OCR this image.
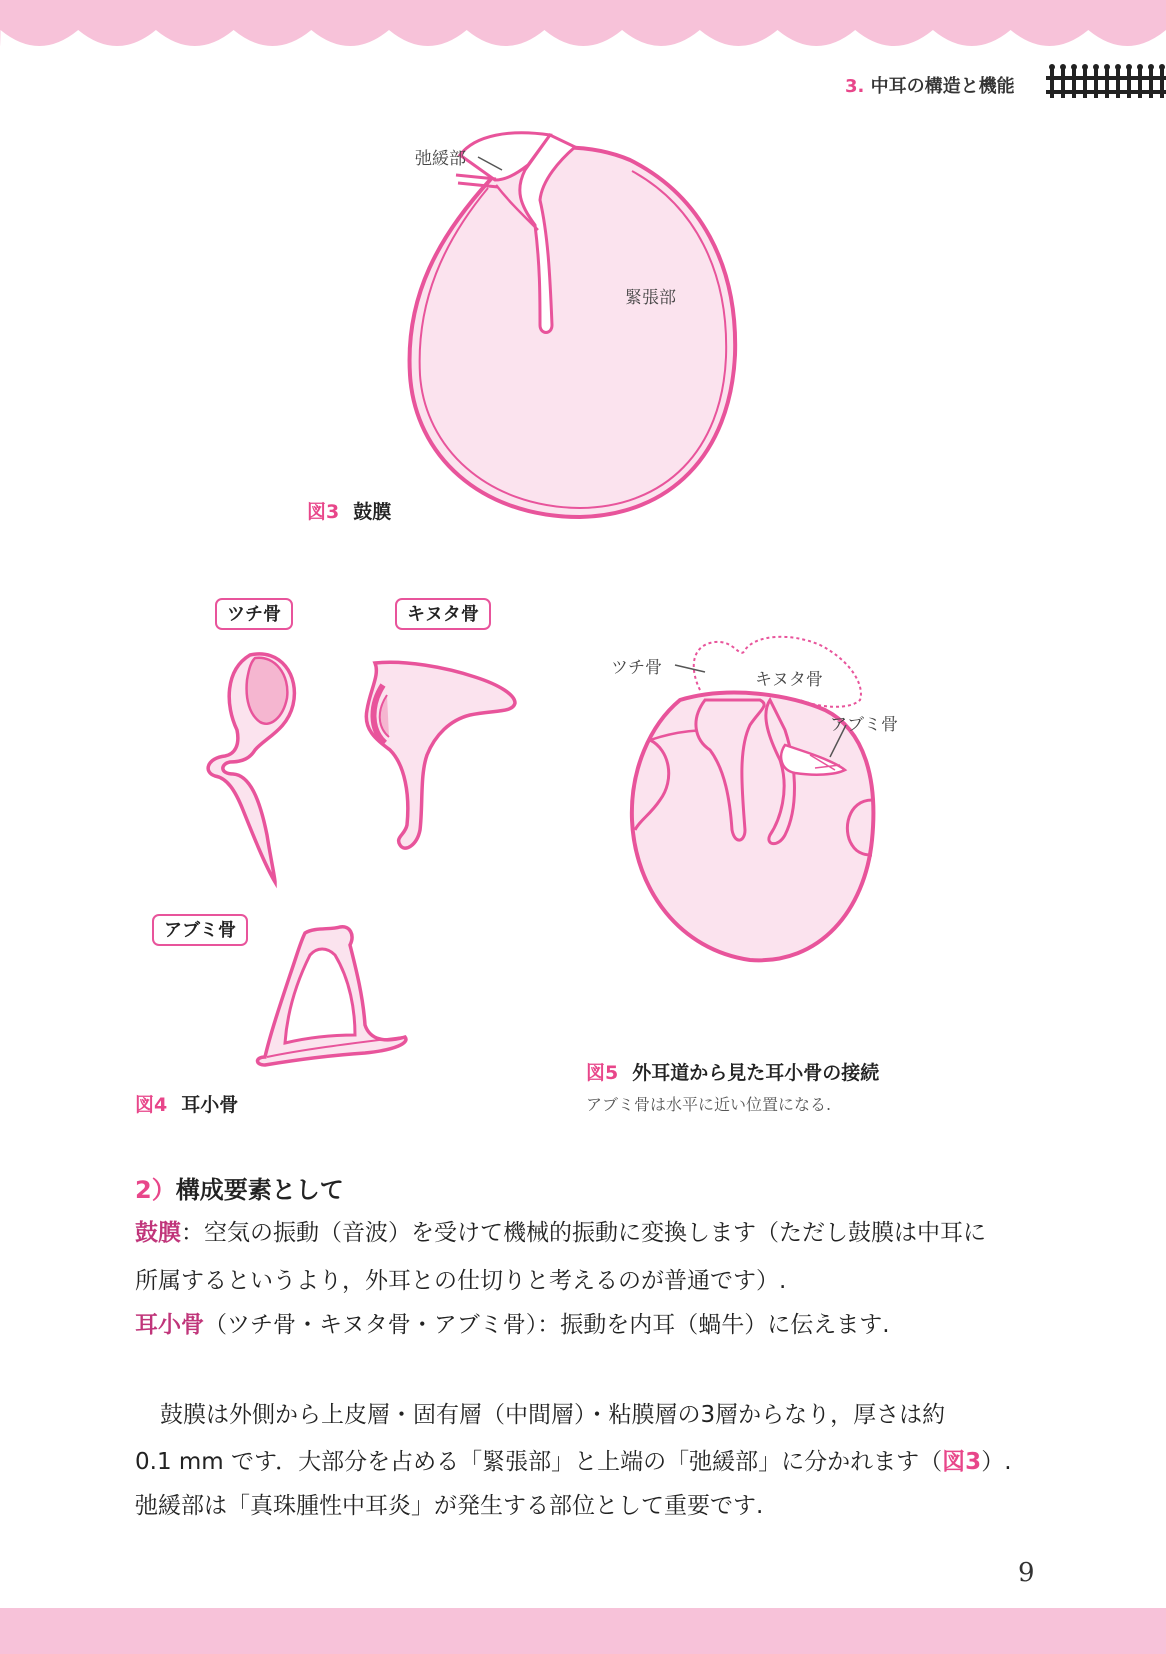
3. 中耳の構造と機能
弛緩部
緊張部
図3 鼓膜
ツチ骨	キヌタ骨
アブミ骨
図4 耳小骨
ツチ骨
キヌタ骨
アブミ骨
図5 外耳道から見た耳小骨の接続
アブミ骨は水平に近い位置になる.
2）構成要素として
鼓膜：空気の振動（音波）を受けて機械的振動に変換します（ただし鼓膜は中耳に
所属するというより，外耳との仕切りと考えるのが普通です）.
耳小骨（ツチ骨・キヌタ骨・アブミ骨）：振動を内耳（蝸牛）に伝えます.
鼓膜は外側から上皮層・固有層（中間層）・粘膜層の3層からなり，厚さは約
0.1 mm です．大部分を占める「緊張部」と上端の「弛緩部」に分かれます（図3）.
弛緩部は「真珠腫性中耳炎」が発生する部位として重要です.
9
